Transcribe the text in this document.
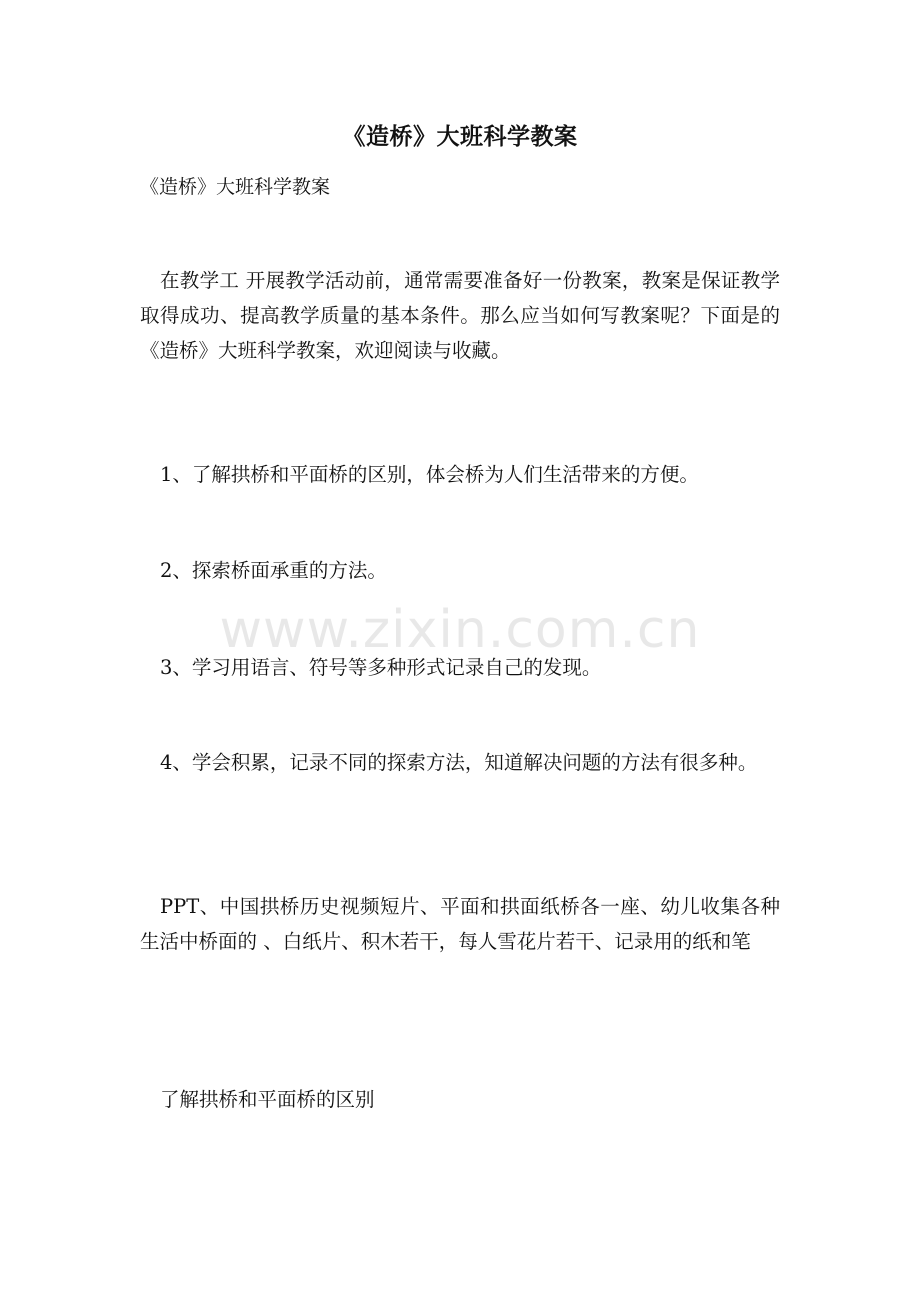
《造桥》大班科学教案
《造桥》大班科学教案
在教学工 开展教学活动前，通常需要准备好一份教案，教案是保证教学取得成功、提高教学质量的基本条件。那么应当如何写教案呢？下面是的《造桥》大班科学教案，欢迎阅读与收藏。
1、了解拱桥和平面桥的区别，体会桥为人们生活带来的方便。
2、探索桥面承重的方法。
3、学习用语言、符号等多种形式记录自己的发现。
4、学会积累，记录不同的探索方法，知道解决问题的方法有很多种。
PPT、中国拱桥历史视频短片、平面和拱面纸桥各一座、幼儿收集各种生活中桥面的 、白纸片、积木若干，每人雪花片若干、记录用的纸和笔
了解拱桥和平面桥的区别
www.zixin.com.cn
